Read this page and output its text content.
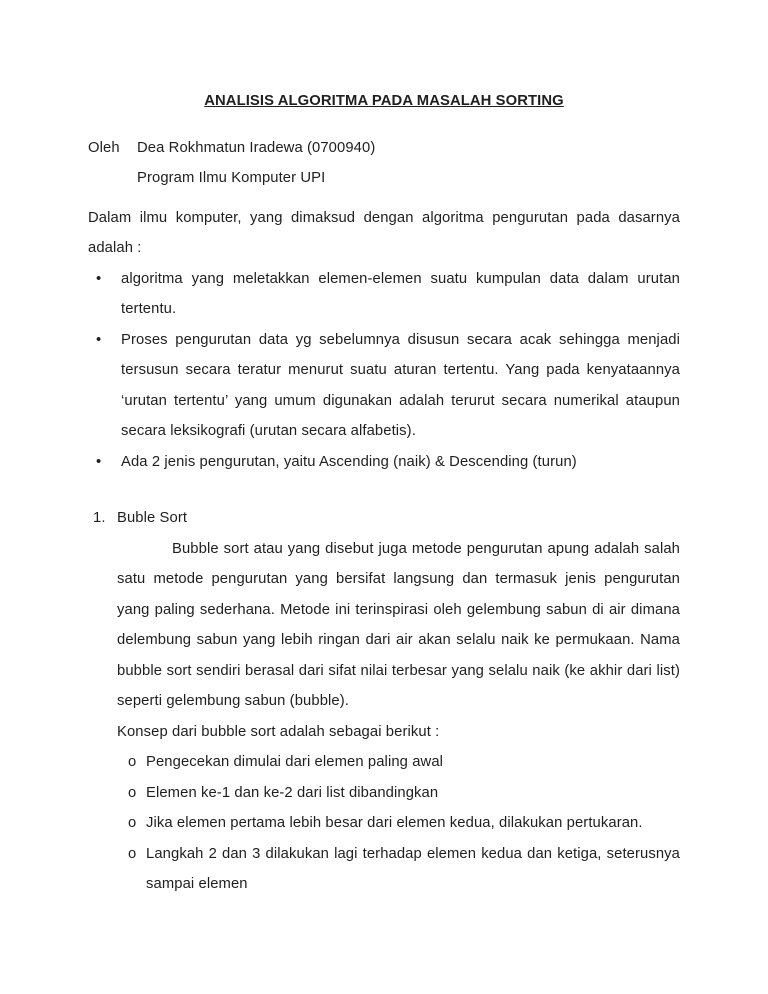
ANALISIS ALGORITMA PADA MASALAH SORTING
Oleh	Dea Rokhmatun Iradewa (0700940)
Program Ilmu Komputer UPI

Dalam ilmu komputer, yang dimaksud dengan algoritma pengurutan pada dasarnya adalah :

• algoritma yang meletakkan elemen-elemen suatu kumpulan data dalam urutan tertentu.
• Proses pengurutan data yg sebelumnya disusun secara acak sehingga menjadi tersusun secara teratur menurut suatu aturan tertentu. Yang pada kenyataannya ‘urutan tertentu’ yang umum digunakan adalah terurut secara numerikal ataupun secara leksikografi (urutan secara alfabetis).
• Ada 2 jenis pengurutan, yaitu Ascending (naik) & Descending (turun)
1. Buble Sort

Bubble sort atau yang disebut juga metode pengurutan apung adalah salah satu metode pengurutan yang bersifat langsung dan termasuk jenis pengurutan yang paling sederhana. Metode ini terinspirasi oleh gelembung sabun di air dimana delembung sabun yang lebih ringan dari air akan selalu naik ke permukaan. Nama bubble sort sendiri berasal dari sifat nilai terbesar yang selalu naik (ke akhir dari list) seperti gelembung sabun (bubble).

Konsep dari bubble sort adalah sebagai berikut :
o Pengecekan dimulai dari elemen paling awal
o Elemen ke-1 dan ke-2 dari list dibandingkan
o Jika elemen pertama lebih besar dari elemen kedua, dilakukan pertukaran.
o Langkah 2 dan 3 dilakukan lagi terhadap elemen kedua dan ketiga, seterusnya sampai elemen
